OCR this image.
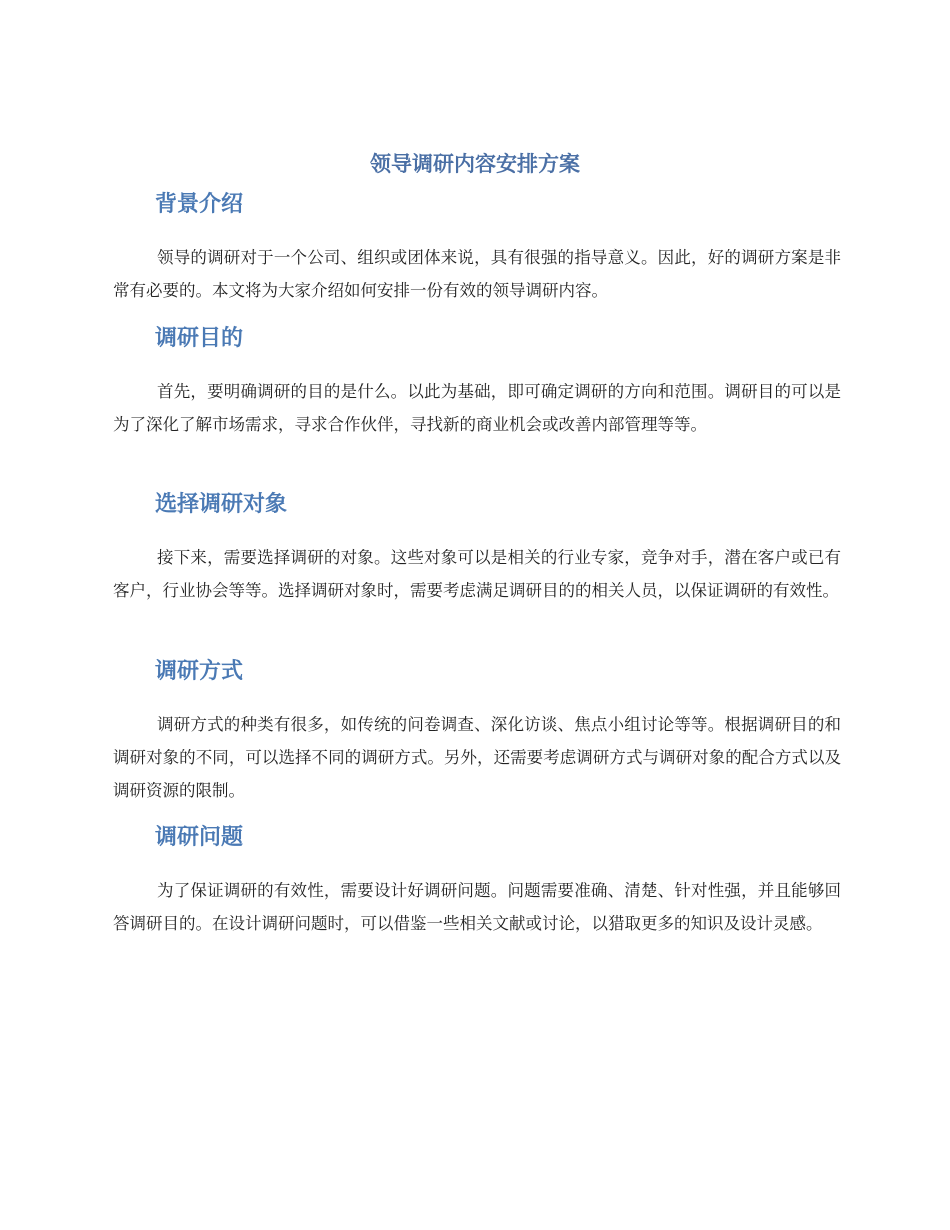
领导调研内容安排方案
背景介绍

领导的调研对于一个公司、组织或团体来说，具有很强的指导意义。因此，好的调研方案是非常有必要的。本文将为大家介绍如何安排一份有效的领导调研内容。

调研目的

首先，要明确调研的目的是什么。以此为基础，即可确定调研的方向和范围。调研目的可以是为了深化了解市场需求，寻求合作伙伴，寻找新的商业机会或改善内部管理等等。

选择调研对象

接下来，需要选择调研的对象。这些对象可以是相关的行业专家，竞争对手，潜在客户或已有客户，行业协会等等。选择调研对象时，需要考虑满足调研目的的相关人员，以保证调研的有效性。

调研方式

调研方式的种类有很多，如传统的问卷调查、深化访谈、焦点小组讨论等等。根据调研目的和调研对象的不同，可以选择不同的调研方式。另外，还需要考虑调研方式与调研对象的配合方式以及调研资源的限制。

调研问题

为了保证调研的有效性，需要设计好调研问题。问题需要准确、清楚、针对性强，并且能够回答调研目的。在设计调研问题时，可以借鉴一些相关文献或讨论，以猎取更多的知识及设计灵感。
